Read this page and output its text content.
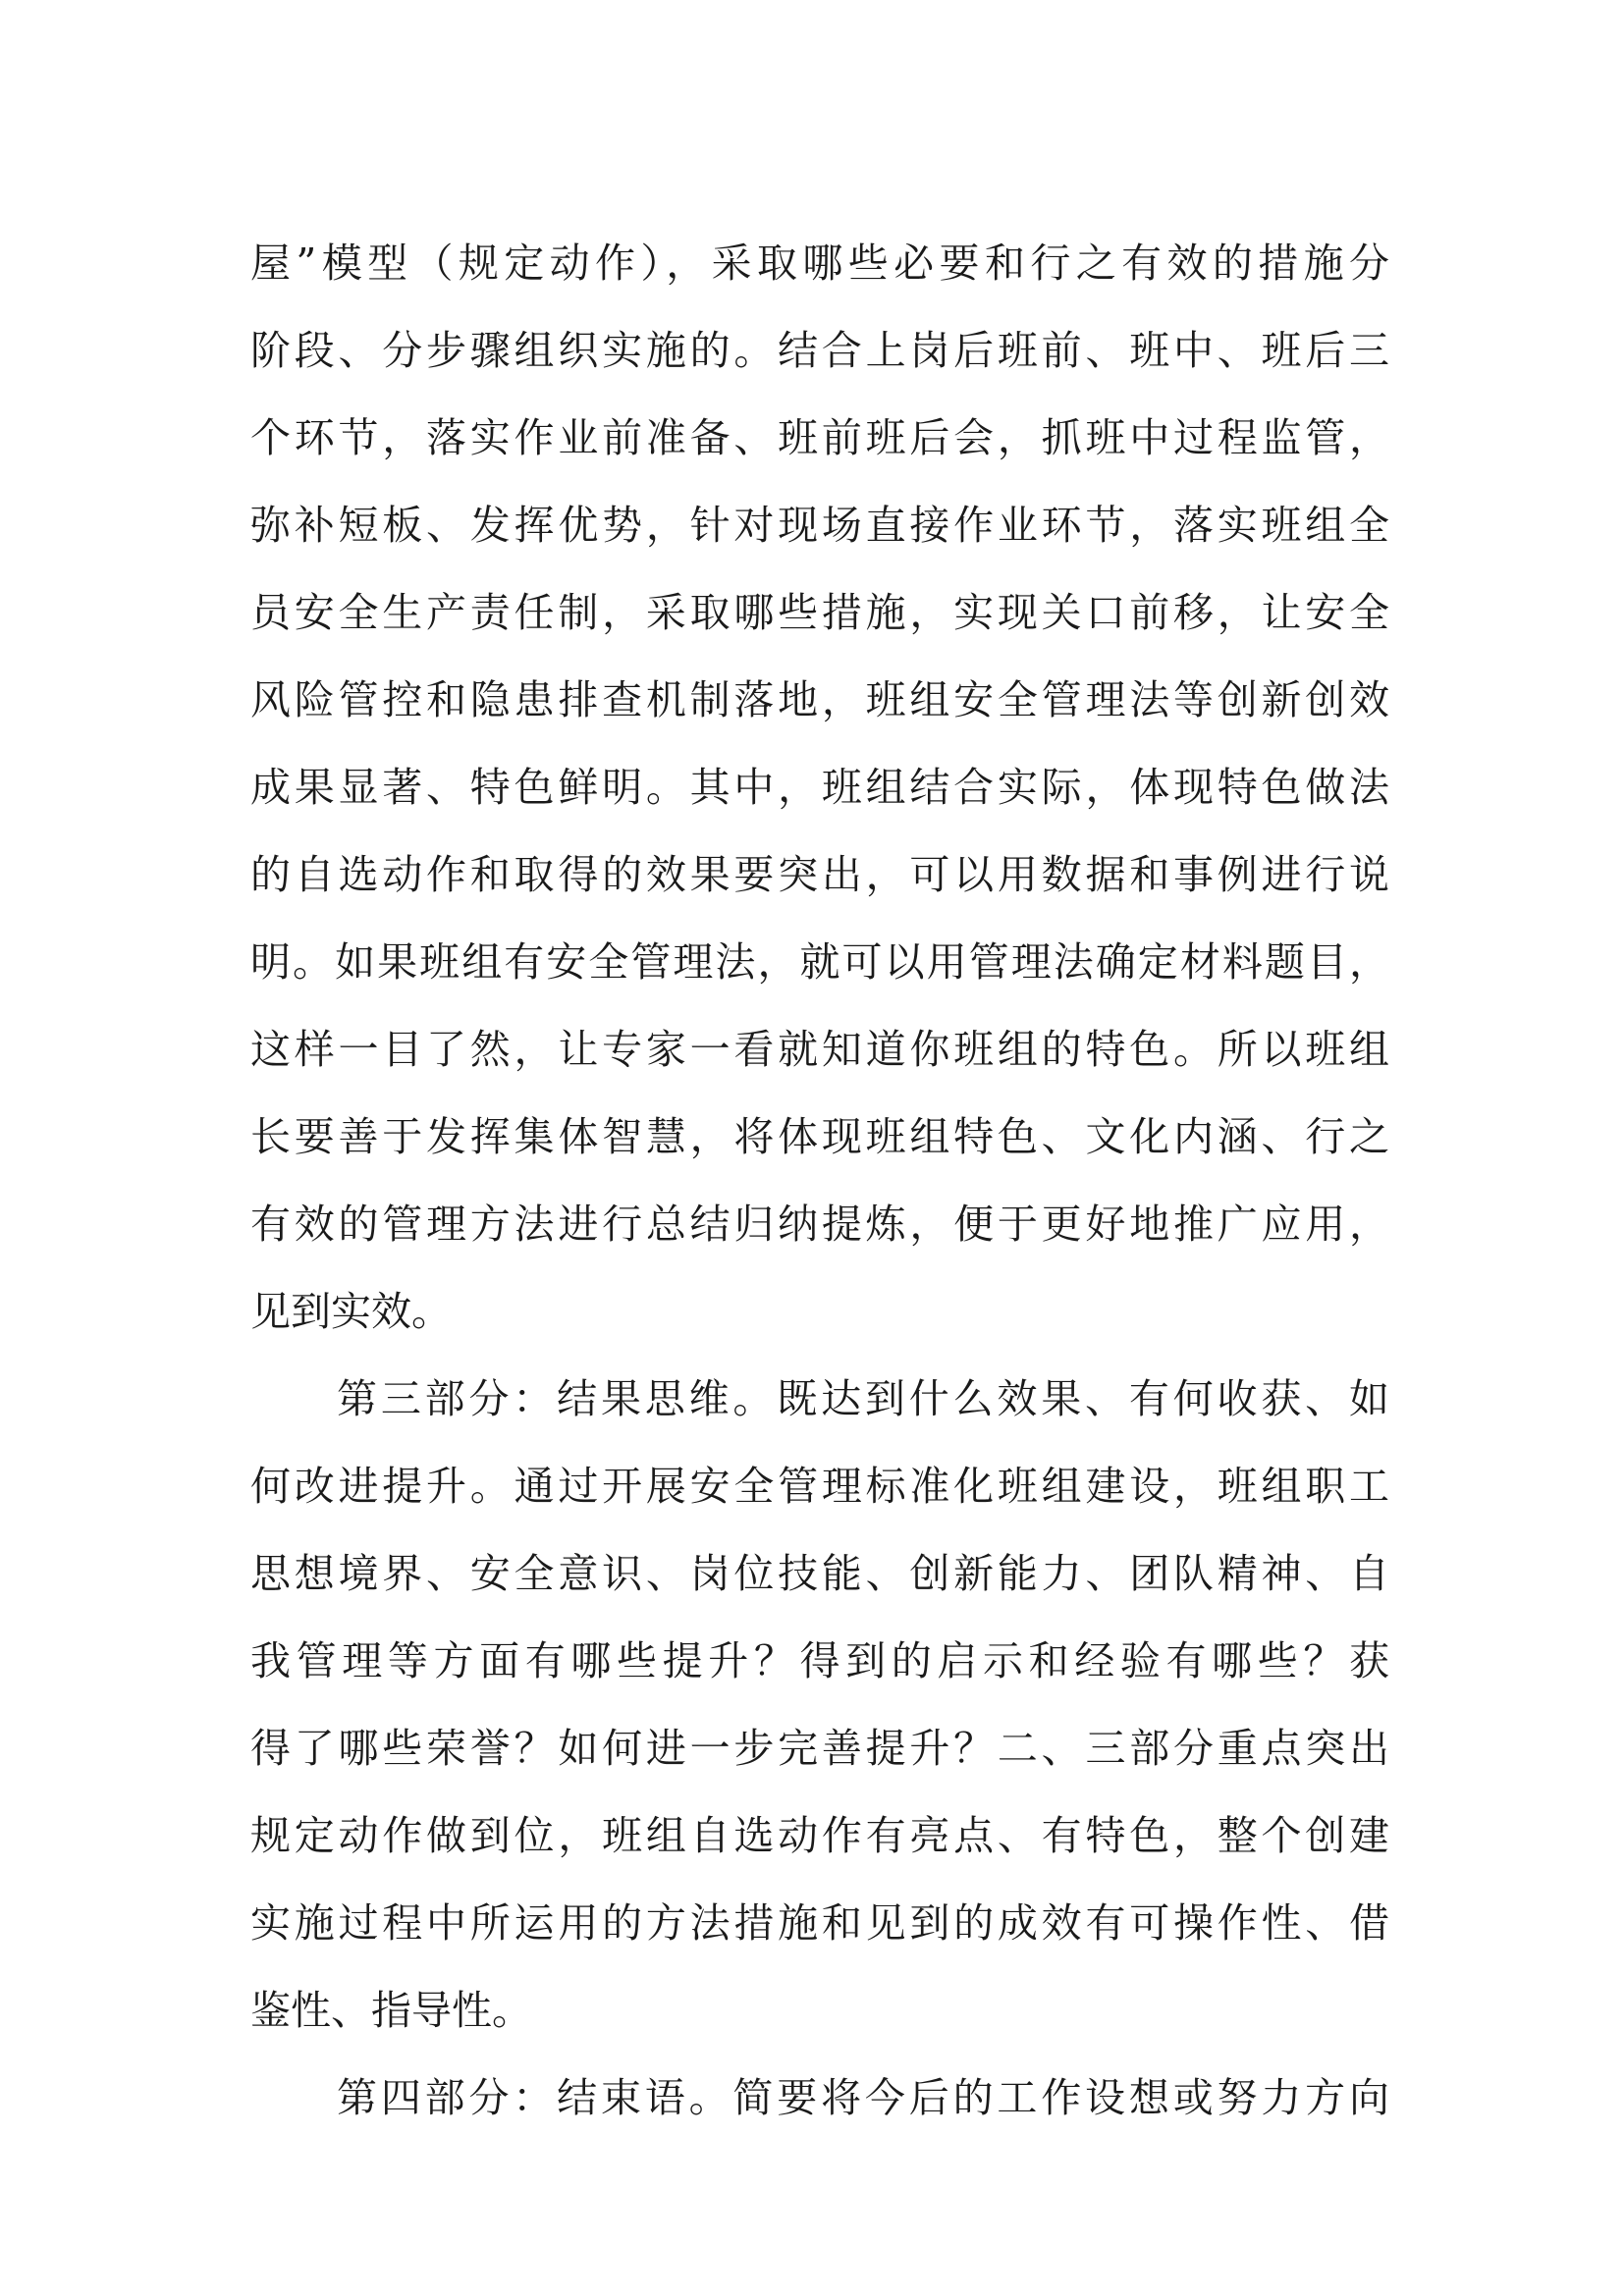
屋”模型（规定动作），采取哪些必要和行之有效的措施分
阶段、分步骤组织实施的。结合上岗后班前、班中、班后三
个环节，落实作业前准备、班前班后会，抓班中过程监管，
弥补短板、发挥优势，针对现场直接作业环节，落实班组全
员安全生产责任制，采取哪些措施，实现关口前移，让安全
风险管控和隐患排查机制落地，班组安全管理法等创新创效
成果显著、特色鲜明。其中，班组结合实际，体现特色做法
的自选动作和取得的效果要突出，可以用数据和事例进行说
明。如果班组有安全管理法，就可以用管理法确定材料题目，
这样一目了然，让专家一看就知道你班组的特色。所以班组
长要善于发挥集体智慧，将体现班组特色、文化内涵、行之
有效的管理方法进行总结归纳提炼，便于更好地推广应用，
见到实效。
第三部分：结果思维。既达到什么效果、有何收获、如
何改进提升。通过开展安全管理标准化班组建设，班组职工
思想境界、安全意识、岗位技能、创新能力、团队精神、自
我管理等方面有哪些提升？得到的启示和经验有哪些？获
得了哪些荣誉？如何进一步完善提升？二、三部分重点突出
规定动作做到位，班组自选动作有亮点、有特色，整个创建
实施过程中所运用的方法措施和见到的成效有可操作性、借
鉴性、指导性。
第四部分：结束语。简要将今后的工作设想或努力方向
